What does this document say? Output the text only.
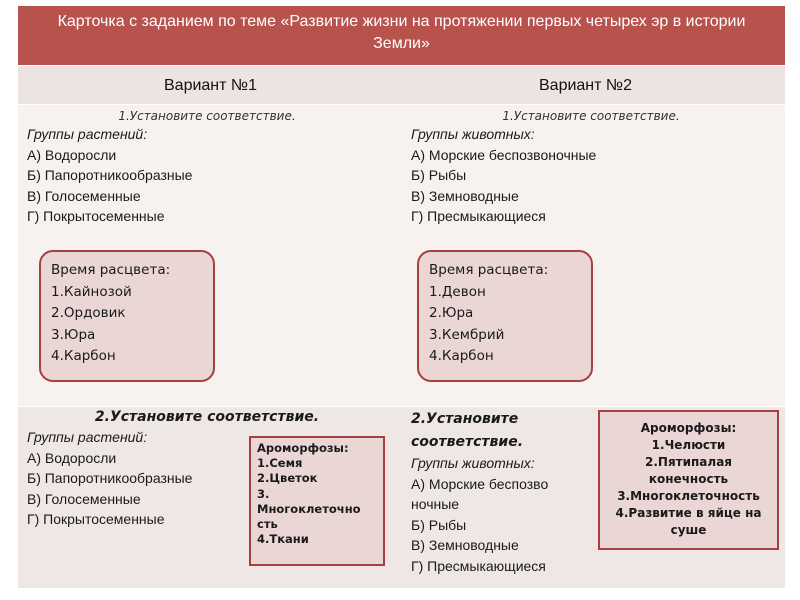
Карточка с заданием по теме «Развитие жизни на протяжении первых четырех эр в истории Земли»
Вариант №1	Вариант №2
1.Установите соответствие.
Группы растений:
А) Водоросли
Б) Папоротникообразные
В) Голосеменные
Г) Покрытосеменные
Время расцвета:
1.Кайнозой
2.Ордовик
3.Юра
4.Карбон
1.Установите соответствие.
Группы животных:
А) Морские беспозвоночные
Б) Рыбы
В) Земноводные
Г) Пресмыкающиеся
Время расцвета:
1.Девон
2.Юра
3.Кембрий
4.Карбон
2.Установите соответствие.
Группы растений:
А) Водоросли
Б) Папоротникообразные
В) Голосеменные
Г) Покрытосеменные
Ароморфозы:
1.Семя
2.Цветок
3.
Многоклеточно
сть
4.Ткани
2.Установите
соответствие.
Группы животных:
А) Морские беспозво
ночные
Б) Рыбы
В) Земноводные
Г) Пресмыкающиеся
Ароморфозы:
1.Челюсти
2.Пятипалая
конечность
3.Многоклеточность
4.Развитие в яйце на
суше
